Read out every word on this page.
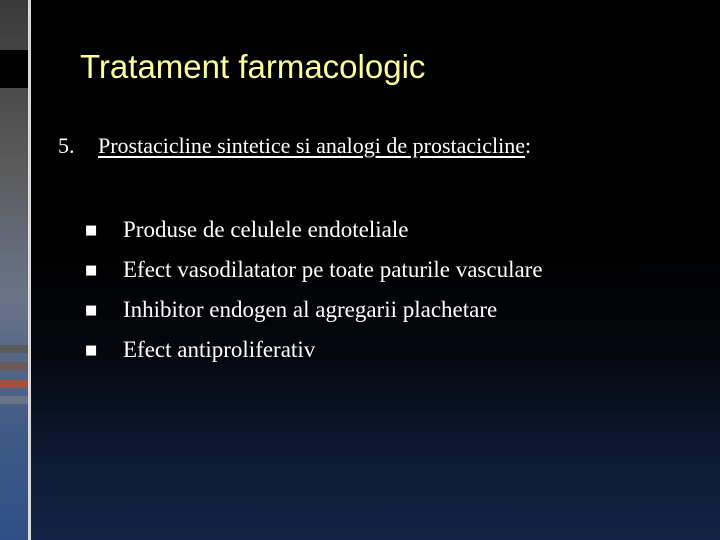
Tratament farmacologic
5. Prostacicline sintetice si analogi de prostacicline:
■	Produse de celulele endoteliale
■	Efect vasodilatator pe toate paturile vasculare
■	Inhibitor endogen al agregarii plachetare
■	Efect antiproliferativ
